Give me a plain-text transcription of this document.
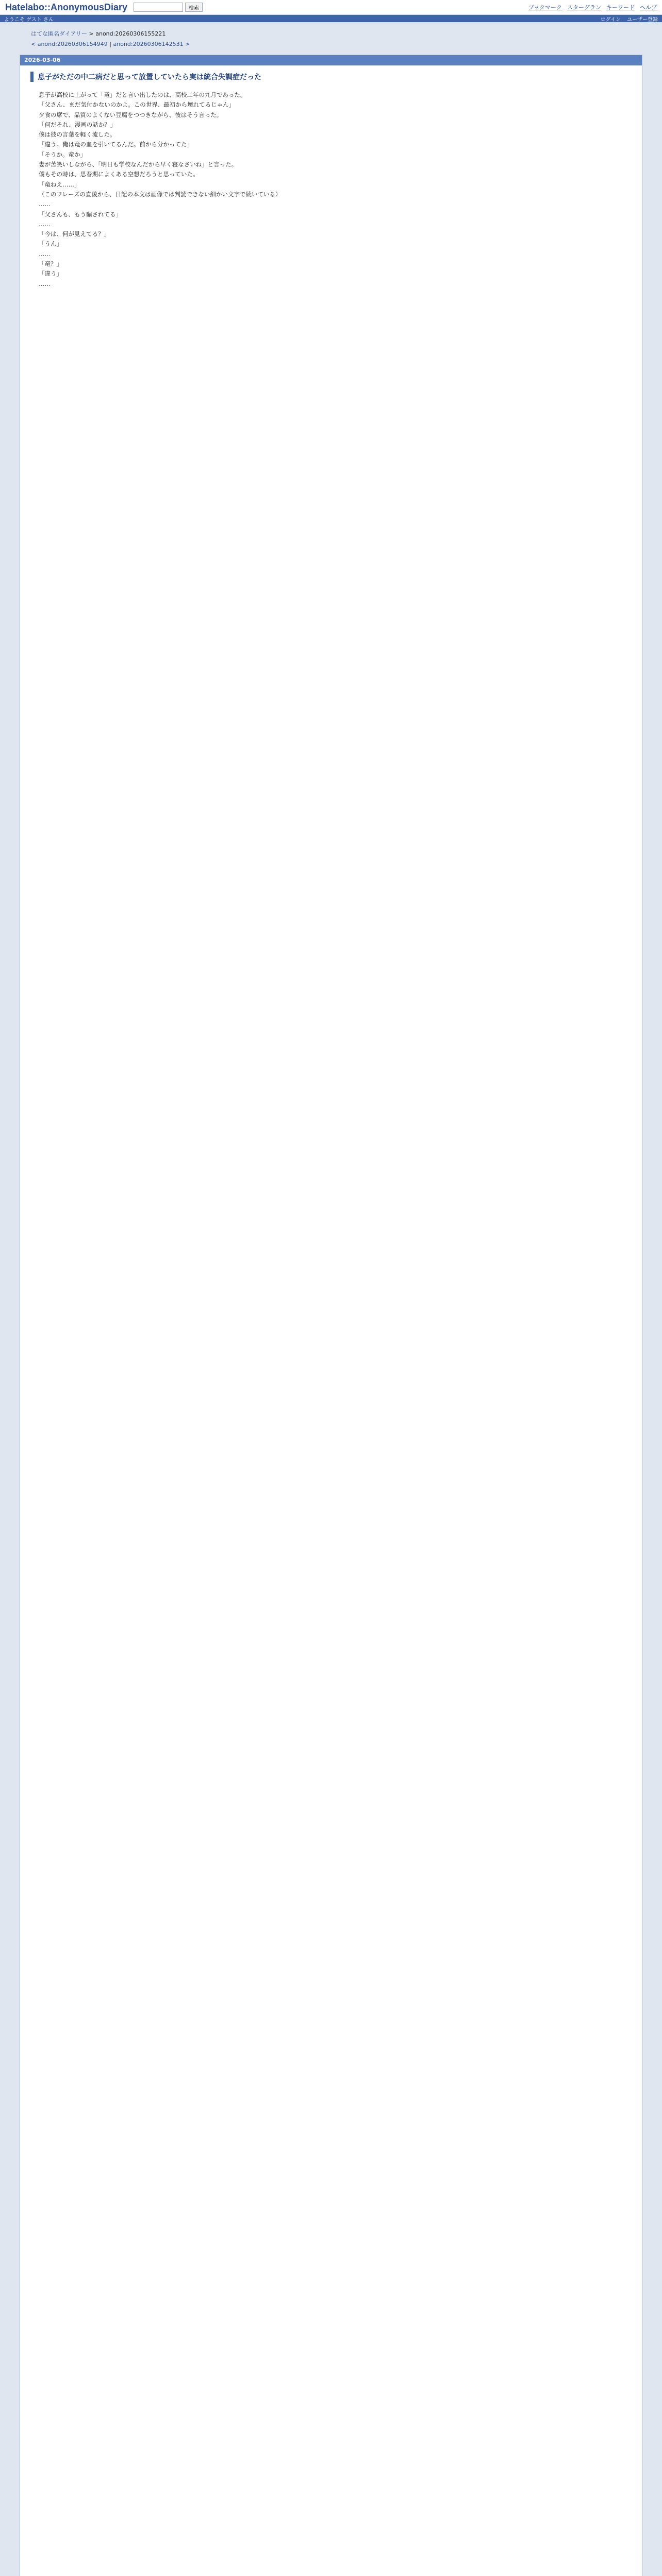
Hatelabo::AnonymousDiary	検索	ブックマーク スターグラン キーワード ヘルプ
ようこそ ゲスト さん	ログイン ユーザー登録
はてな匿名ダイアリー > anond:20260306155221
< anond:20260306154949 | anond:20260306142531 >
2026-03-06
息子がただの中二病だと思って放置していたら実は統合失調症だった

息子が高校に上がって「竜」だと言い出したのは、高校二年の九月であった。

「父さん、まだ気付かないのかよ。この世界、最初から壊れてるじゃん」

夕食の席で、品質のよくない豆腐をつつきながら、彼はそう言った。

「何だそれ、漫画の話か？」

僕は彼の言葉を軽く流した。

「違う。俺は竜の血を引いてるんだ。前から分かってた」

「そうか。竜か」

妻が苦笑いしながら、「明日も学校なんだから早く寝なさいね」と言った。

僕もその時は、思春期によくある空想だろうと思っていた。

「竜ねえ……」

（このフレーズの直後から、日記の本文は画像では判読できない細かい文字で続いている）

……

「父さんも、もう騙されてる」

……

「今は、何が見えてる？」

「うん」

……

「竜？」

「違う」

……
